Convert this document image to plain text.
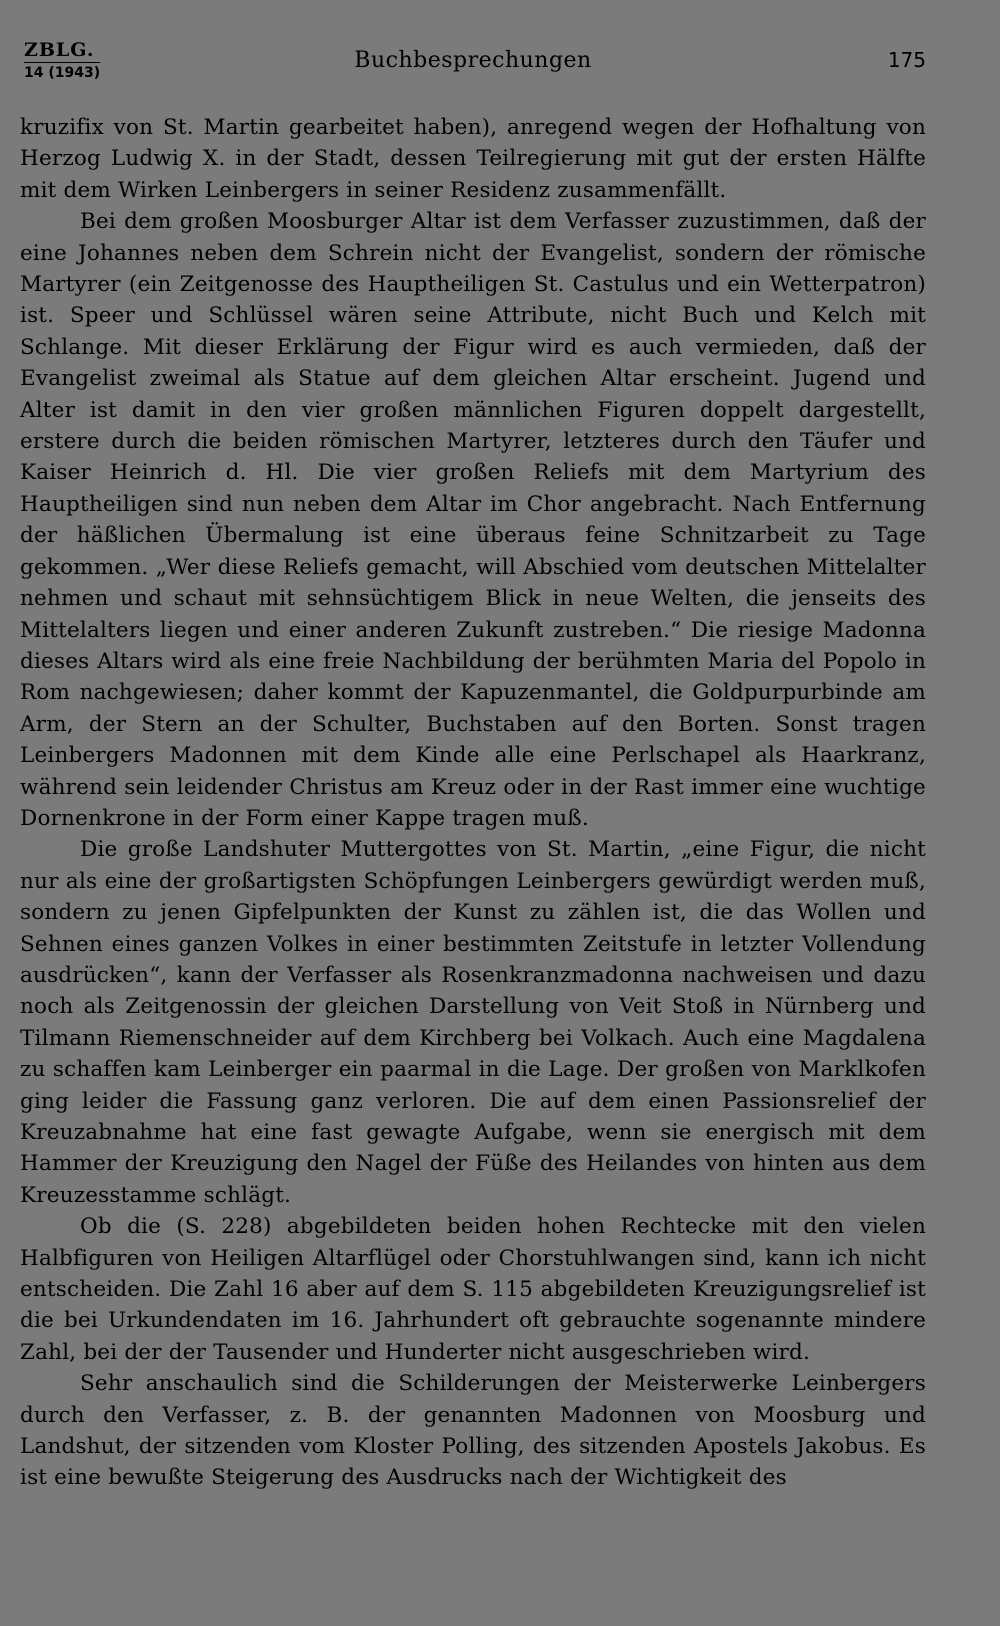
ZBLG.
14 (1943)	Buchbesprechungen	175

kruzifix von St. Martin gearbeitet haben), anregend wegen der Hofhaltung von Herzog Ludwig X. in der Stadt, dessen Teilregierung mit gut der ersten Hälfte mit dem Wirken Leinbergers in seiner Residenz zusammenfällt.

Bei dem großen Moosburger Altar ist dem Verfasser zuzustimmen, daß der eine Johannes neben dem Schrein nicht der Evangelist, sondern der römische Martyrer (ein Zeitgenosse des Hauptheiligen St. Castulus und ein Wetterpatron) ist. Speer und Schlüssel wären seine Attribute, nicht Buch und Kelch mit Schlange. Mit dieser Erklärung der Figur wird es auch vermieden, daß der Evangelist zweimal als Statue auf dem gleichen Altar erscheint. Jugend und Alter ist damit in den vier großen männlichen Figuren doppelt dargestellt, erstere durch die beiden römischen Martyrer, letzteres durch den Täufer und Kaiser Heinrich d. Hl. Die vier großen Reliefs mit dem Martyrium des Hauptheiligen sind nun neben dem Altar im Chor angebracht. Nach Entfernung der häßlichen Übermalung ist eine überaus feine Schnitzarbeit zu Tage gekommen. „Wer diese Reliefs gemacht, will Abschied vom deutschen Mittelalter nehmen und schaut mit sehnsüchtigem Blick in neue Welten, die jenseits des Mittelalters liegen und einer anderen Zukunft zustreben.“ Die riesige Madonna dieses Altars wird als eine freie Nachbildung der berühmten Maria del Popolo in Rom nachgewiesen; daher kommt der Kapuzenmantel, die Goldpurpurbinde am Arm, der Stern an der Schulter, Buchstaben auf den Borten. Sonst tragen Leinbergers Madonnen mit dem Kinde alle eine Perlschapel als Haarkranz, während sein leidender Christus am Kreuz oder in der Rast immer eine wuchtige Dornenkrone in der Form einer Kappe tragen muß.

Die große Landshuter Muttergottes von St. Martin, „eine Figur, die nicht nur als eine der großartigsten Schöpfungen Leinbergers gewürdigt werden muß, sondern zu jenen Gipfelpunkten der Kunst zu zählen ist, die das Wollen und Sehnen eines ganzen Volkes in einer bestimmten Zeitstufe in letzter Vollendung ausdrücken“, kann der Verfasser als Rosenkranzmadonna nachweisen und dazu noch als Zeitgenossin der gleichen Darstellung von Veit Stoß in Nürnberg und Tilmann Riemenschneider auf dem Kirchberg bei Volkach. Auch eine Magdalena zu schaffen kam Leinberger ein paarmal in die Lage. Der großen von Marklkofen ging leider die Fassung ganz verloren. Die auf dem einen Passionsrelief der Kreuzabnahme hat eine fast gewagte Aufgabe, wenn sie energisch mit dem Hammer der Kreuzigung den Nagel der Füße des Heilandes von hinten aus dem Kreuzesstamme schlägt.

Ob die (S. 228) abgebildeten beiden hohen Rechtecke mit den vielen Halbfiguren von Heiligen Altarflügel oder Chorstuhlwangen sind, kann ich nicht entscheiden. Die Zahl 16 aber auf dem S. 115 abgebildeten Kreuzigungsrelief ist die bei Urkundendaten im 16. Jahrhundert oft gebrauchte sogenannte mindere Zahl, bei der der Tausender und Hunderter nicht ausgeschrieben wird.

Sehr anschaulich sind die Schilderungen der Meisterwerke Leinbergers durch den Verfasser, z. B. der genannten Madonnen von Moosburg und Landshut, der sitzenden vom Kloster Polling, des sitzenden Apostels Jakobus. Es ist eine bewußte Steigerung des Ausdrucks nach der Wichtigkeit des
